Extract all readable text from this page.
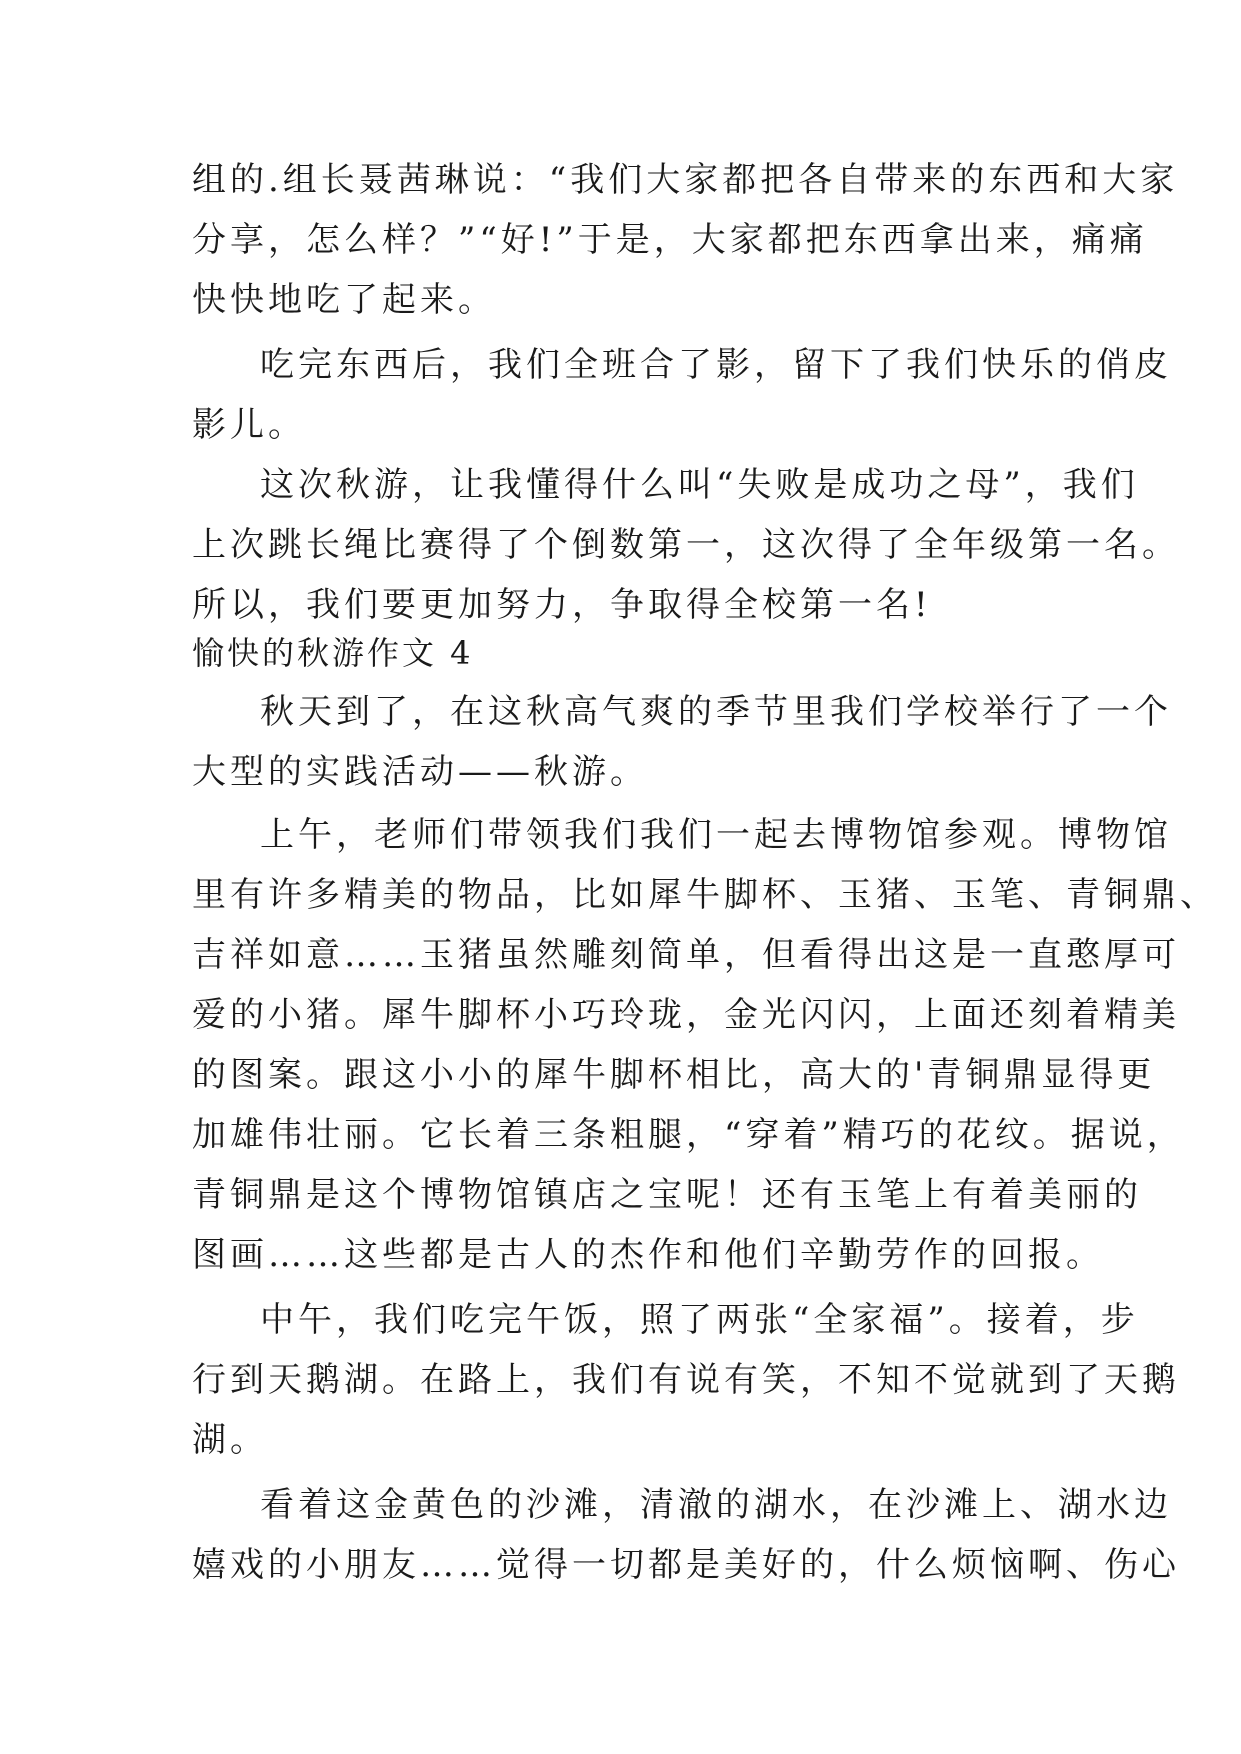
组的.组长聂茜琳说：“我们大家都把各自带来的东西和大家
分享，怎么样？”“好!”于是，大家都把东西拿出来，痛痛
快快地吃了起来。
吃完东西后，我们全班合了影，留下了我们快乐的俏皮
影儿。
这次秋游，让我懂得什么叫“失败是成功之母”，我们
上次跳长绳比赛得了个倒数第一，这次得了全年级第一名。
所以，我们要更加努力，争取得全校第一名!
愉快的秋游作文 4
秋天到了，在这秋高气爽的季节里我们学校举行了一个
大型的实践活动——秋游。
上午，老师们带领我们我们一起去博物馆参观。博物馆
里有许多精美的物品，比如犀牛脚杯、玉猪、玉笔、青铜鼎、
吉祥如意……玉猪虽然雕刻简单，但看得出这是一直憨厚可
爱的小猪。犀牛脚杯小巧玲珑，金光闪闪，上面还刻着精美
的图案。跟这小小的犀牛脚杯相比，高大的'青铜鼎显得更
加雄伟壮丽。它长着三条粗腿，“穿着”精巧的花纹。据说，
青铜鼎是这个博物馆镇店之宝呢！还有玉笔上有着美丽的
图画……这些都是古人的杰作和他们辛勤劳作的回报。
中午，我们吃完午饭，照了两张“全家福”。接着，步
行到天鹅湖。在路上，我们有说有笑，不知不觉就到了天鹅
湖。
看着这金黄色的沙滩，清澈的湖水，在沙滩上、湖水边
嬉戏的小朋友……觉得一切都是美好的，什么烦恼啊、伤心
